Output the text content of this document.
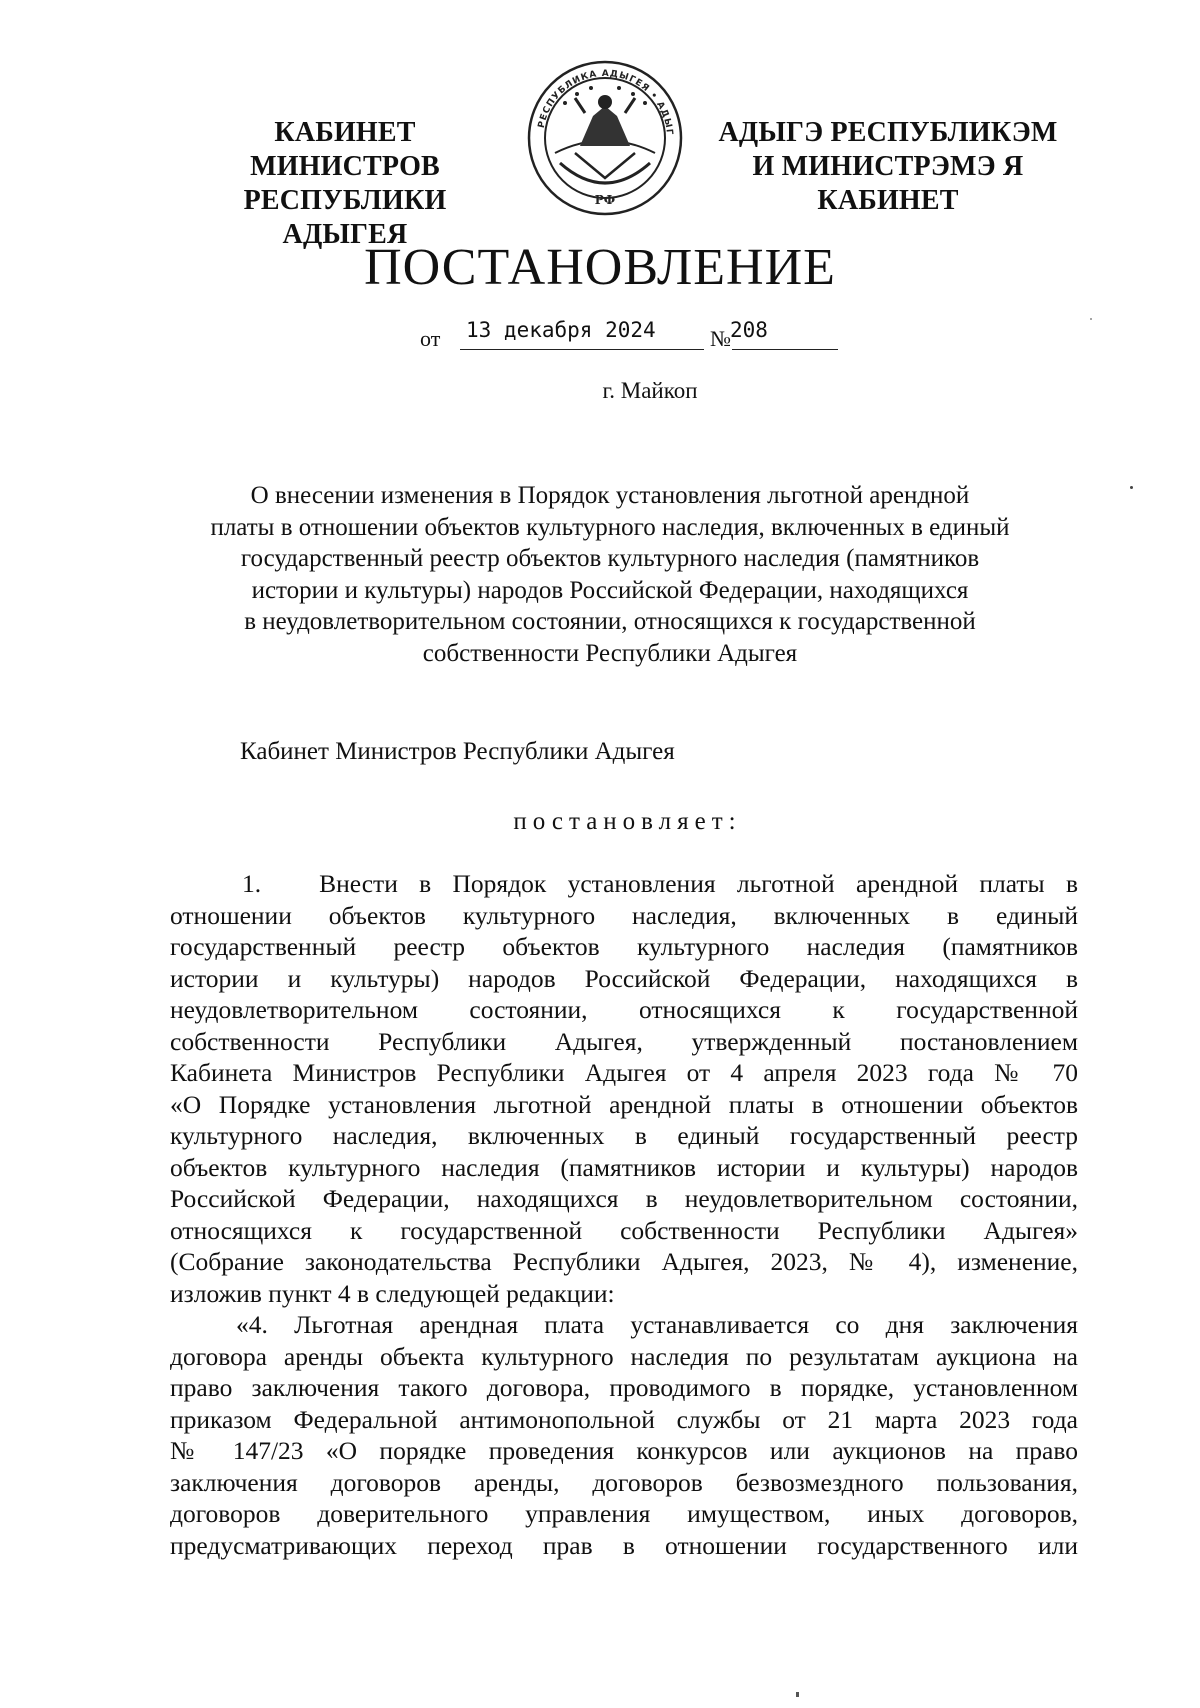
КАБИНЕТ МИНИСТРОВ
РЕСПУБЛИКИ АДЫГЕЯ
РЕСПУБЛИКА АДЫГЕЯ • АДЫГ
РФ
АДЫГЭ РЕСПУБЛИКЭМ
И МИНИСТРЭМЭ Я КАБИНЕТ
ПОСТАНОВЛЕНИЕ
от 13 декабря 2024	№ 208
г. Майкоп
О внесении изменения в Порядок установления льготной арендной
платы в отношении объектов культурного наследия, включенных в единый
государственный реестр объектов культурного наследия (памятников
истории и культуры) народов Российской Федерации, находящихся
в неудовлетворительном состоянии, относящихся к государственной
собственности Республики Адыгея
Кабинет Министров Республики Адыгея
постановляет:
1. Внести в Порядок установления льготной арендной платы в
отношении объектов культурного наследия, включенных в единый
государственный реестр объектов культурного наследия (памятников
истории и культуры) народов Российской Федерации, находящихся в
неудовлетворительном состоянии, относящихся к государственной
собственности Республики Адыгея, утвержденный постановлением
Кабинета Министров Республики Адыгея от 4 апреля 2023 года № 70
«О Порядке установления льготной арендной платы в отношении объектов
культурного наследия, включенных в единый государственный реестр
объектов культурного наследия (памятников истории и культуры) народов
Российской Федерации, находящихся в неудовлетворительном состоянии,
относящихся к государственной собственности Республики Адыгея»
(Собрание законодательства Республики Адыгея, 2023, № 4), изменение,
изложив пункт 4 в следующей редакции:
«4. Льготная арендная плата устанавливается со дня заключения
договора аренды объекта культурного наследия по результатам аукциона на
право заключения такого договора, проводимого в порядке, установленном
приказом Федеральной антимонопольной службы от 21 марта 2023 года
№ 147/23 «О порядке проведения конкурсов или аукционов на право
заключения договоров аренды, договоров безвозмездного пользования,
договоров доверительного управления имуществом, иных договоров,
предусматривающих переход прав в отношении государственного или
